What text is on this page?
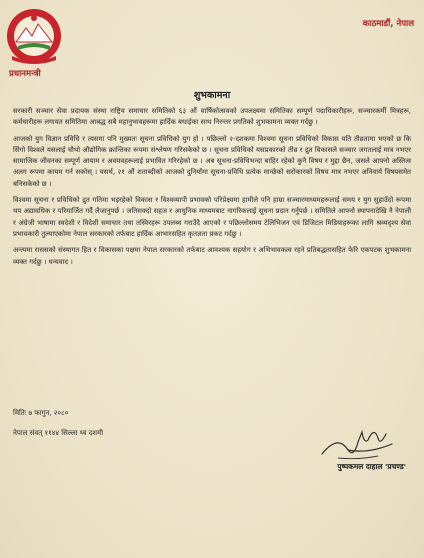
प्रधानमन्त्री
काठमाडौं, नेपाल
शुभकामना

सरकारी सञ्चार सेवा प्रदायक संस्था राष्ट्रिय समाचार समितिको ६३ औं वार्षिकोत्सवको उपलक्ष्यमा समितिका सम्पूर्ण पदाधिकारीहरू, सञ्चारकर्मी मित्रहरू, कर्मचारीहरू लगायत समितिमा आबद्ध सबै महानुभावहरूमा हार्दिक बधाईका साथ निरन्तर प्रगतिको शुभकामना व्यक्त गर्दछु ।

आजको युग विज्ञान प्रविधि र त्यसमा पनि मुख्यतः सूचना प्रविधिको युग हो । पछिल्लो २-दशकमा विश्वमा सूचना प्रविधिको विकास यति तीव्रतामा भएको छ कि सिंगो विश्वले यसलाई चौथो औद्योगिक क्रान्तिका रूपमा संश्लेषण गरिसकेको छ । सूचना प्रविधिको यसप्रकारको तीव्र र द्रुत विकासले सञ्चार जगतलाई मात्र नभएर सामाजिक जीवनका सम्पूर्ण आयाम र अवयवहरूलाई प्रभावित गरिरहेको छ । अब सूचना-प्रविधिभन्दा बाहिर रहेको कुनै विषय र मुद्दा छैन, जसले आफ्नो अस्तित्व अलग रूपमा कायम गर्न सकोस् । यसर्थ, २१ औं शताब्दीको आजको दुनियाँमा सूचना-प्रविधि प्रत्येक मान्छेको सरोकारको विषय मात्र नभएर अनिवार्य विषयसमेत बनिसकेको छ ।

विश्वमा सूचना र प्रविधिको द्रुत गतिमा भइरहेको विकास र विश्वव्यापी प्रभावको परिप्रेक्ष्यमा हामीले पनि हाम्रा सञ्चारमाध्यमहरूलाई समय र युग सुहाउँदो रूपमा थप अद्यावधिक र परिमार्जित गर्दै लैजानुपर्छ । जतिसक्दो सहज र आधुनिक माध्यमबाट नागरिकलाई सूचना प्रदान गर्नुपर्छ । समितिले आफ्नो स्थापनादेखि नै नेपाली र अंग्रेजी भाषामा स्वदेशी र विदेशी समाचार तथा तस्विरहरू उपलब्ध गराउँदै आएको र पछिल्लोसमय टेलिभिजन एवं डिजिटल मिडियाहरूका लागि श्रव्यदृश्य सेवा प्रभावकारी तुल्याएकोमा नेपाल सरकारको तर्फबाट हार्दिक आभारसहित कृतज्ञता प्रकट गर्दछु ।

अन्त्यमा राससको संस्थागत हित र विकासका पक्षमा नेपाल सरकारको तर्फबाट आवश्यक सहयोग र अभिभावकत्व रहने प्रतिबद्धतासहित फेरि एकपटक शुभकामना व्यक्त गर्दछु । धन्यवाद ।

मितिः ७ फागुन, २०८०
नेपाल संवत् ११४४ सिल्ला थ्व दशमी
पुष्पकमल दाहाल 'प्रचण्ड'
